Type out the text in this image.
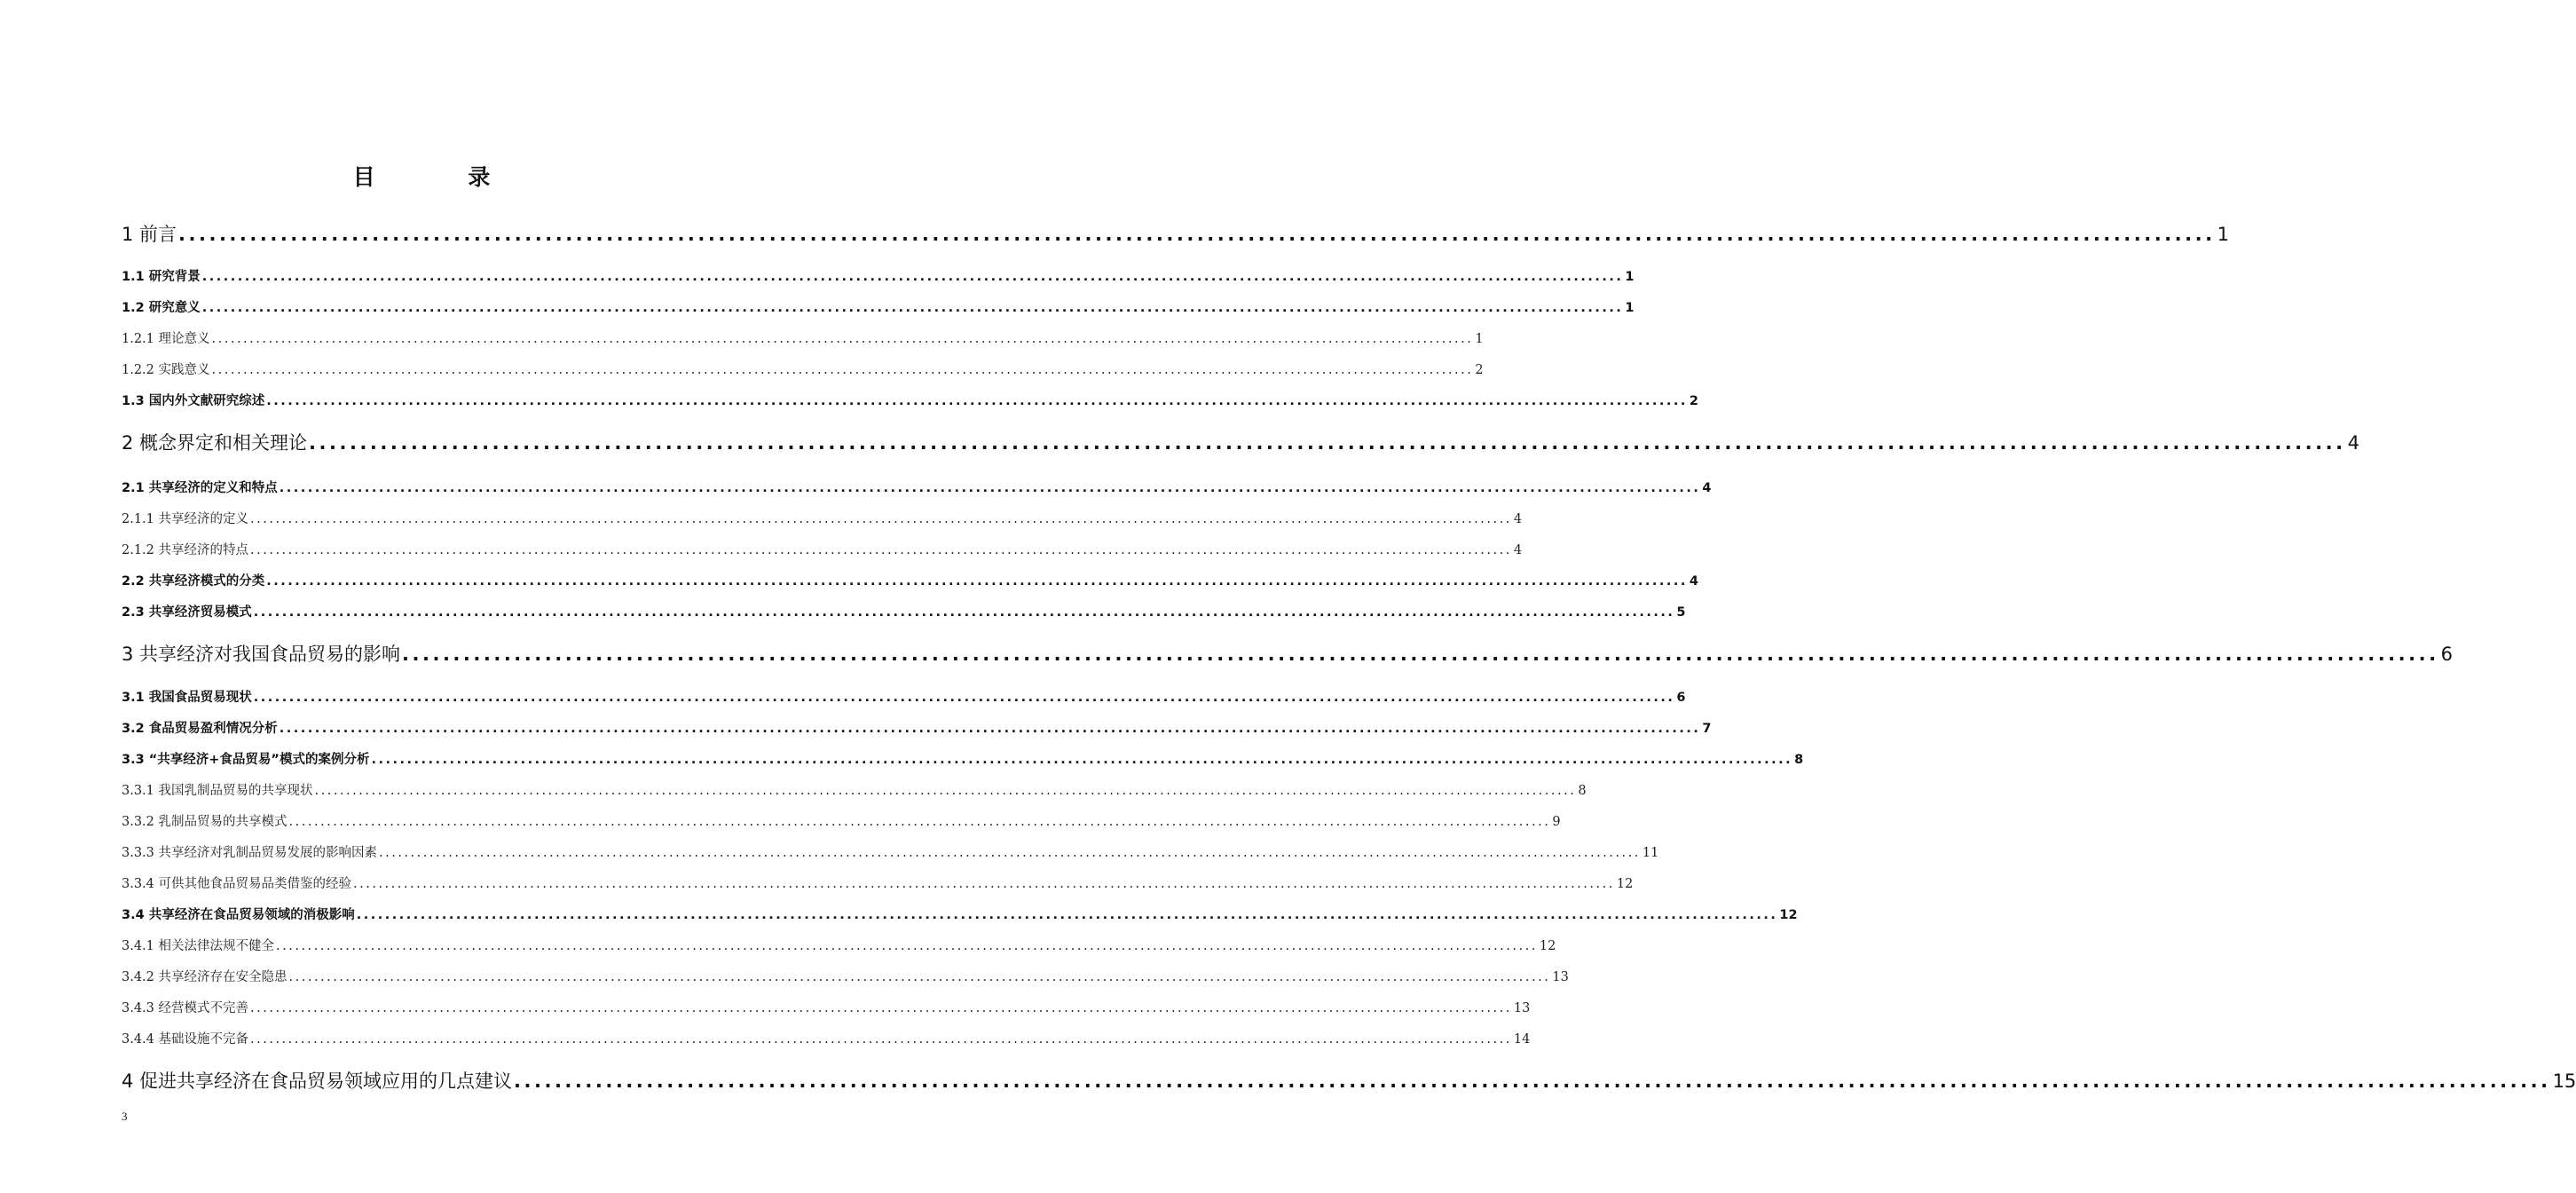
目 录
1 前言 ........................................................................................................................................................................................................ 1
1.1 研究背景 ........................................................................................................................................................................................................ 1
1.2 研究意义 ........................................................................................................................................................................................................ 1
1.2.1 理论意义 ........................................................................................................................................................................................................ 1
1.2.2 实践意义 ........................................................................................................................................................................................................ 2
1.3 国内外文献研究综述 ........................................................................................................................................................................................................ 2
2 概念界定和相关理论 ........................................................................................................................................................................................................ 4
2.1 共享经济的定义和特点 ........................................................................................................................................................................................................ 4
2.1.1 共享经济的定义 ........................................................................................................................................................................................................ 4
2.1.2 共享经济的特点 ........................................................................................................................................................................................................ 4
2.2 共享经济模式的分类 ........................................................................................................................................................................................................ 4
2.3 共享经济贸易模式 ........................................................................................................................................................................................................ 5
3 共享经济对我国食品贸易的影响 ........................................................................................................................................................................................................ 6
3.1 我国食品贸易现状 ........................................................................................................................................................................................................ 6
3.2 食品贸易盈利情况分析 ........................................................................................................................................................................................................ 7
3.3 “共享经济+食品贸易”模式的案例分析 ........................................................................................................................................................................................................ 8
3.3.1 我国乳制品贸易的共享现状 ........................................................................................................................................................................................................ 8
3.3.2 乳制品贸易的共享模式 ........................................................................................................................................................................................................ 9
3.3.3 共享经济对乳制品贸易发展的影响因素 ........................................................................................................................................................................................................ 11
3.3.4 可供其他食品贸易品类借鉴的经验 ........................................................................................................................................................................................................ 12
3.4 共享经济在食品贸易领域的消极影响 ........................................................................................................................................................................................................ 12
3.4.1 相关法律法规不健全 ........................................................................................................................................................................................................ 12
3.4.2 共享经济存在安全隐患 ........................................................................................................................................................................................................ 13
3.4.3 经营模式不完善 ........................................................................................................................................................................................................ 13
3.4.4 基础设施不完备 ........................................................................................................................................................................................................ 14
4 促进共享经济在食品贸易领域应用的几点建议 ........................................................................................................................................................................................................ 15
3
